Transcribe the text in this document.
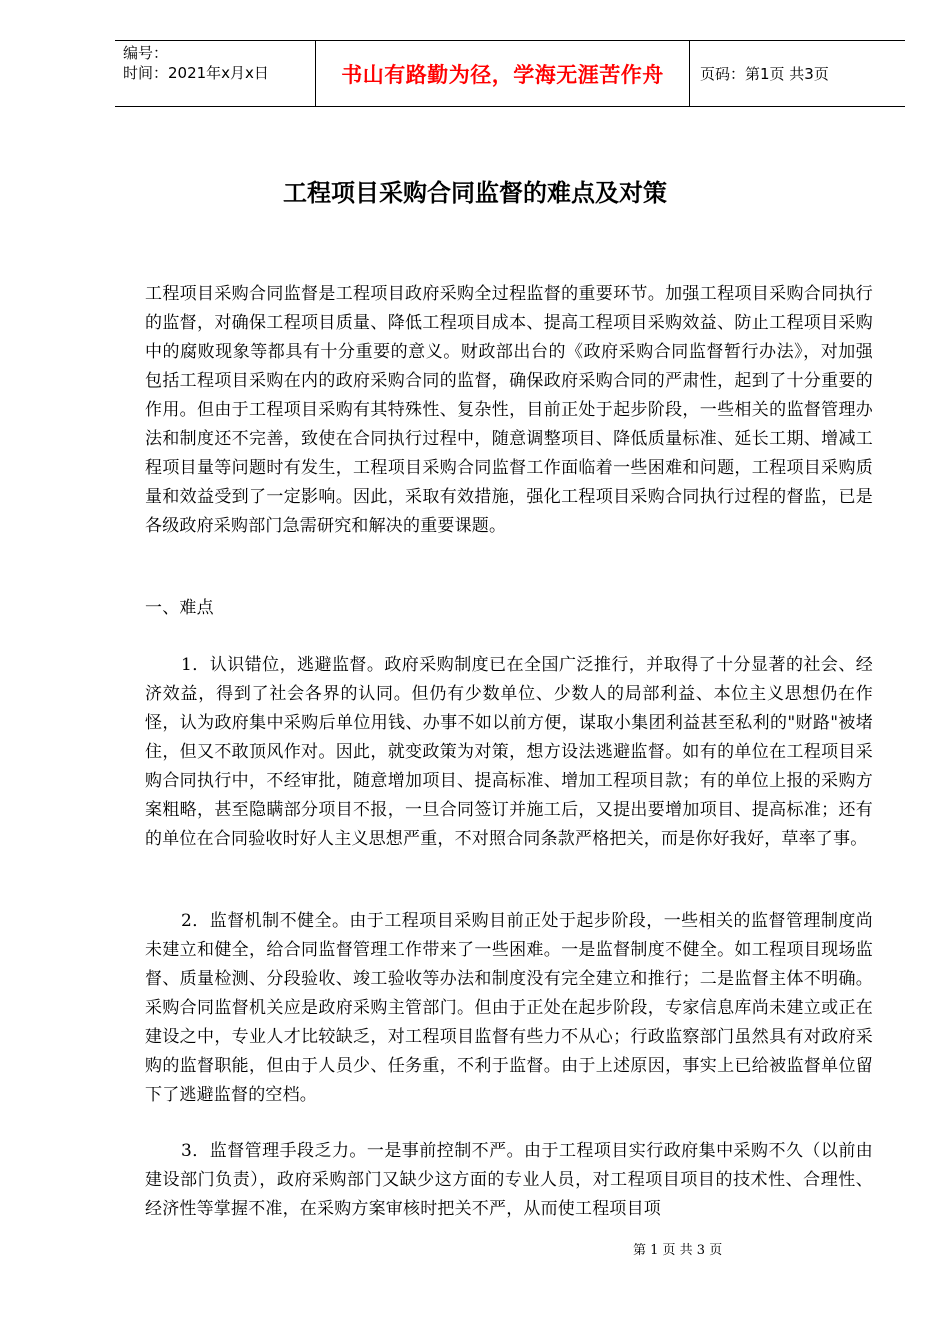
编号：
时间：2021年x月x日	书山有路勤为径，学海无涯苦作舟	页码：第1页 共3页
工程项目采购合同监督的难点及对策

工程项目采购合同监督是工程项目政府采购全过程监督的重要环节。加强工程项目采购合同执行的监督，对确保工程项目质量、降低工程项目成本、提高工程项目采购效益、防止工程项目采购中的腐败现象等都具有十分重要的意义。财政部出台的《政府采购合同监督暂行办法》，对加强包括工程项目采购在内的政府采购合同的监督，确保政府采购合同的严肃性，起到了十分重要的作用。但由于工程项目采购有其特殊性、复杂性，目前正处于起步阶段，一些相关的监督管理办法和制度还不完善，致使在合同执行过程中，随意调整项目、降低质量标准、延长工期、增减工程项目量等问题时有发生，工程项目采购合同监督工作面临着一些困难和问题，工程项目采购质量和效益受到了一定影响。因此，采取有效措施，强化工程项目采购合同执行过程的督监，已是各级政府采购部门急需研究和解决的重要课题。

一、难点

1．认识错位，逃避监督。政府采购制度已在全国广泛推行，并取得了十分显著的社会、经济效益，得到了社会各界的认同。但仍有少数单位、少数人的局部利益、本位主义思想仍在作怪，认为政府集中采购后单位用钱、办事不如以前方便，谋取小集团利益甚至私利的"财路"被堵住，但又不敢顶风作对。因此，就变政策为对策，想方设法逃避监督。如有的单位在工程项目采购合同执行中，不经审批，随意增加项目、提高标准、增加工程项目款；有的单位上报的采购方案粗略，甚至隐瞒部分项目不报，一旦合同签订并施工后，又提出要增加项目、提高标准；还有的单位在合同验收时好人主义思想严重，不对照合同条款严格把关，而是你好我好，草率了事。

2．监督机制不健全。由于工程项目采购目前正处于起步阶段，一些相关的监督管理制度尚未建立和健全，给合同监督管理工作带来了一些困难。一是监督制度不健全。如工程项目现场监督、质量检测、分段验收、竣工验收等办法和制度没有完全建立和推行；二是监督主体不明确。采购合同监督机关应是政府采购主管部门。但由于正处在起步阶段，专家信息库尚未建立或正在建设之中，专业人才比较缺乏，对工程项目监督有些力不从心；行政监察部门虽然具有对政府采购的监督职能，但由于人员少、任务重，不利于监督。由于上述原因，事实上已给被监督单位留下了逃避监督的空档。

3．监督管理手段乏力。一是事前控制不严。由于工程项目实行政府集中采购不久（以前由建设部门负责），政府采购部门又缺少这方面的专业人员，对工程项目项目的技术性、合理性、经济性等掌握不准，在采购方案审核时把关不严，从而使工程项目项

第 1 页 共 3 页
